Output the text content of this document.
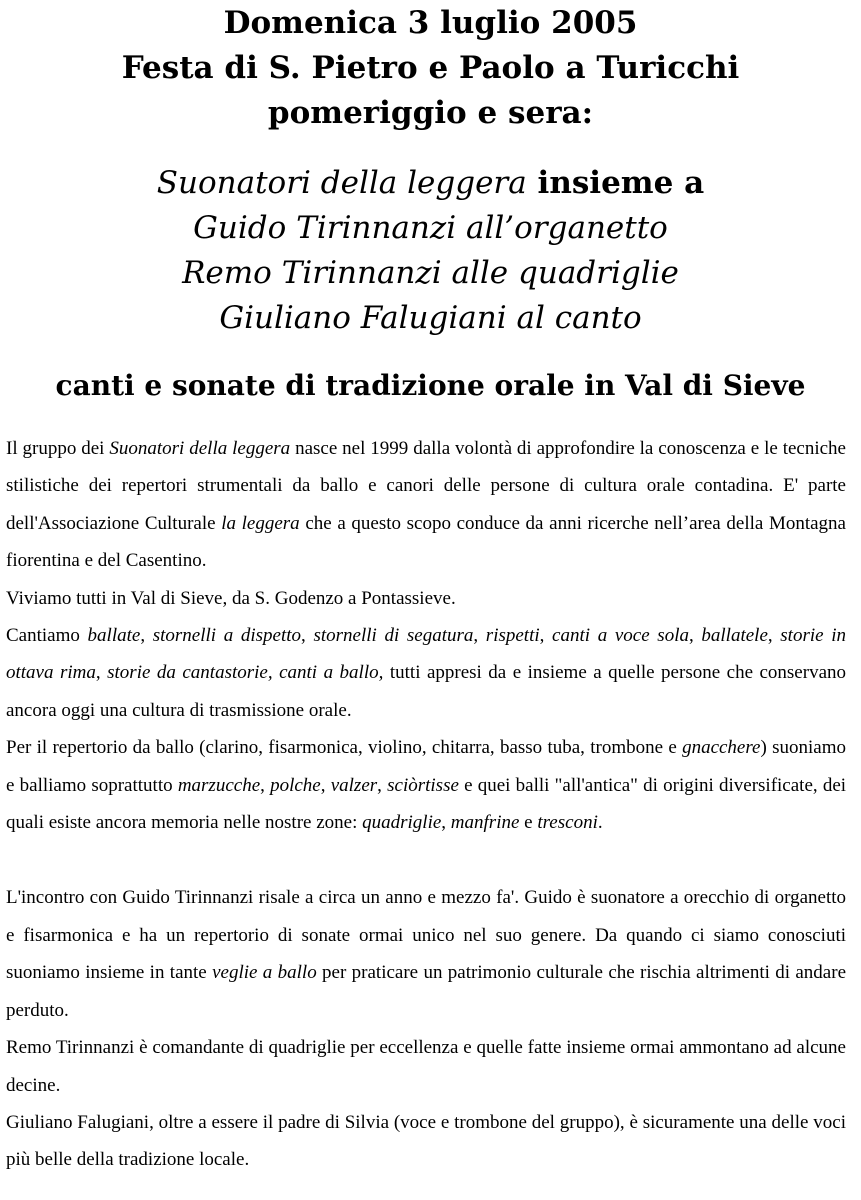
Domenica 3 luglio 2005
Festa di S. Pietro e Paolo a Turicchi
pomeriggio e sera:
Suonatori della leggera insieme a
Guido Tirinnanzi all’organetto
Remo Tirinnanzi alle quadriglie
Giuliano Falugiani al canto
canti e sonate di tradizione orale in Val di Sieve

Il gruppo dei Suonatori della leggera nasce nel 1999 dalla volontà di approfondire la conoscenza e le tecniche stilistiche dei repertori strumentali da ballo e canori delle persone di cultura orale contadina. E' parte dell'Associazione Culturale la leggera che a questo scopo conduce da anni ricerche nell’area della Montagna fiorentina e del Casentino.

Viviamo tutti in Val di Sieve, da S. Godenzo a Pontassieve.

Cantiamo ballate, stornelli a dispetto, stornelli di segatura, rispetti, canti a voce sola, ballatele, storie in ottava rima, storie da cantastorie, canti a ballo, tutti appresi da e insieme a quelle persone che conservano ancora oggi una cultura di trasmissione orale.

Per il repertorio da ballo (clarino, fisarmonica, violino, chitarra, basso tuba, trombone e gnacchere) suoniamo e balliamo soprattutto marzucche, polche, valzer, sciòrtisse e quei balli "all'antica" di origini diversificate, dei quali esiste ancora memoria nelle nostre zone: quadriglie, manfrine e tresconi.

L'incontro con Guido Tirinnanzi risale a circa un anno e mezzo fa'. Guido è suonatore a orecchio di organetto e fisarmonica e ha un repertorio di sonate ormai unico nel suo genere. Da quando ci siamo conosciuti suoniamo insieme in tante veglie a ballo per praticare un patrimonio culturale che rischia altrimenti di andare perduto.

Remo Tirinnanzi è comandante di quadriglie per eccellenza e quelle fatte insieme ormai ammontano ad alcune decine.

Giuliano Falugiani, oltre a essere il padre di Silvia (voce e trombone del gruppo), è sicuramente una delle voci più belle della tradizione locale.
